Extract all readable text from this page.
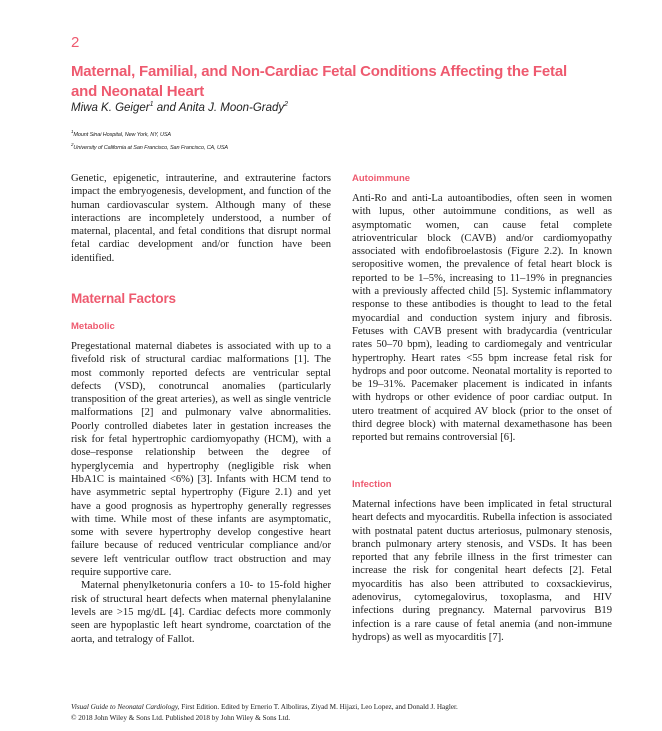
2
Maternal, Familial, and Non-Cardiac Fetal Conditions Affecting the Fetal and Neonatal Heart
Miwa K. Geiger$^1$ and Anita J. Moon-Grady$^2$
$^1$Mount Sinai Hospital, New York, NY, USA
$^2$University of California at San Francisco, San Francisco, CA, USA

Genetic, epigenetic, intrauterine, and extrauterine factors impact the embryogenesis, development, and function of the human cardiovascular system. Although many of these interactions are incompletely understood, a number of maternal, placental, and fetal conditions that disrupt normal fetal cardiac development and/or function have been identified.

Maternal Factors
Metabolic

Pregestational maternal diabetes is associated with up to a fivefold risk of structural cardiac malformations [1]. The most commonly reported defects are ventricular septal defects (VSD), conotruncal anomalies (particularly transposition of the great arteries), as well as single ventricle malformations [2] and pulmonary valve abnormalities. Poorly controlled diabetes later in gestation increases the risk for fetal hypertrophic cardiomyopathy (HCM), with a dose–response relationship between the degree of hyperglycemia and hypertrophy (negligible risk when HbA1C is maintained <6%) [3]. Infants with HCM tend to have asymmetric septal hypertrophy (Figure 2.1) and yet have a good prognosis as hypertrophy generally regresses with time. While most of these infants are asymptomatic, some with severe hypertrophy develop congestive heart failure because of reduced ventricular compliance and/or severe left ventricular outflow tract obstruction and may require supportive care.

Maternal phenylketonuria confers a 10- to 15-fold higher risk of structural heart defects when maternal phenylalanine levels are >15 mg/dL [4]. Cardiac defects more commonly seen are hypoplastic left heart syndrome, coarctation of the aorta, and tetralogy of Fallot.

Autoimmune

Anti-Ro and anti-La autoantibodies, often seen in women with lupus, other autoimmune conditions, as well as asymptomatic women, can cause fetal complete atrioventricular block (CAVB) and/or cardiomyopathy associated with endofibroelastosis (Figure 2.2). In known seropositive women, the prevalence of fetal heart block is reported to be 1–5%, increasing to 11–19% in pregnancies with a previously affected child [5]. Systemic inflammatory response to these antibodies is thought to lead to the fetal myocardial and conduction system injury and fibrosis. Fetuses with CAVB present with bradycardia (ventricular rates 50–70 bpm), leading to cardiomegaly and ventricular hypertrophy. Heart rates <55 bpm increase fetal risk for hydrops and poor outcome. Neonatal mortality is reported to be 19–31%. Pacemaker placement is indicated in infants with hydrops or other evidence of poor cardiac output. In utero treatment of acquired AV block (prior to the onset of third degree block) with maternal dexamethasone has been reported but remains controversial [6].

Infection

Maternal infections have been implicated in fetal structural heart defects and myocarditis. Rubella infection is associated with postnatal patent ductus arteriosus, pulmonary stenosis, branch pulmonary artery stenosis, and VSDs. It has been reported that any febrile illness in the first trimester can increase the risk for congenital heart defects [2]. Fetal myocarditis has also been attributed to coxsackievirus, adenovirus, cytomegalovirus, toxoplasma, and HIV infections during pregnancy. Maternal parvovirus B19 infection is a rare cause of fetal anemia (and non-immune hydrops) as well as myocarditis [7].

Visual Guide to Neonatal Cardiology, First Edition. Edited by Ernerio T. Alboliras, Ziyad M. Hijazi, Leo Lopez, and Donald J. Hagler.
© 2018 John Wiley & Sons Ltd. Published 2018 by John Wiley & Sons Ltd.
